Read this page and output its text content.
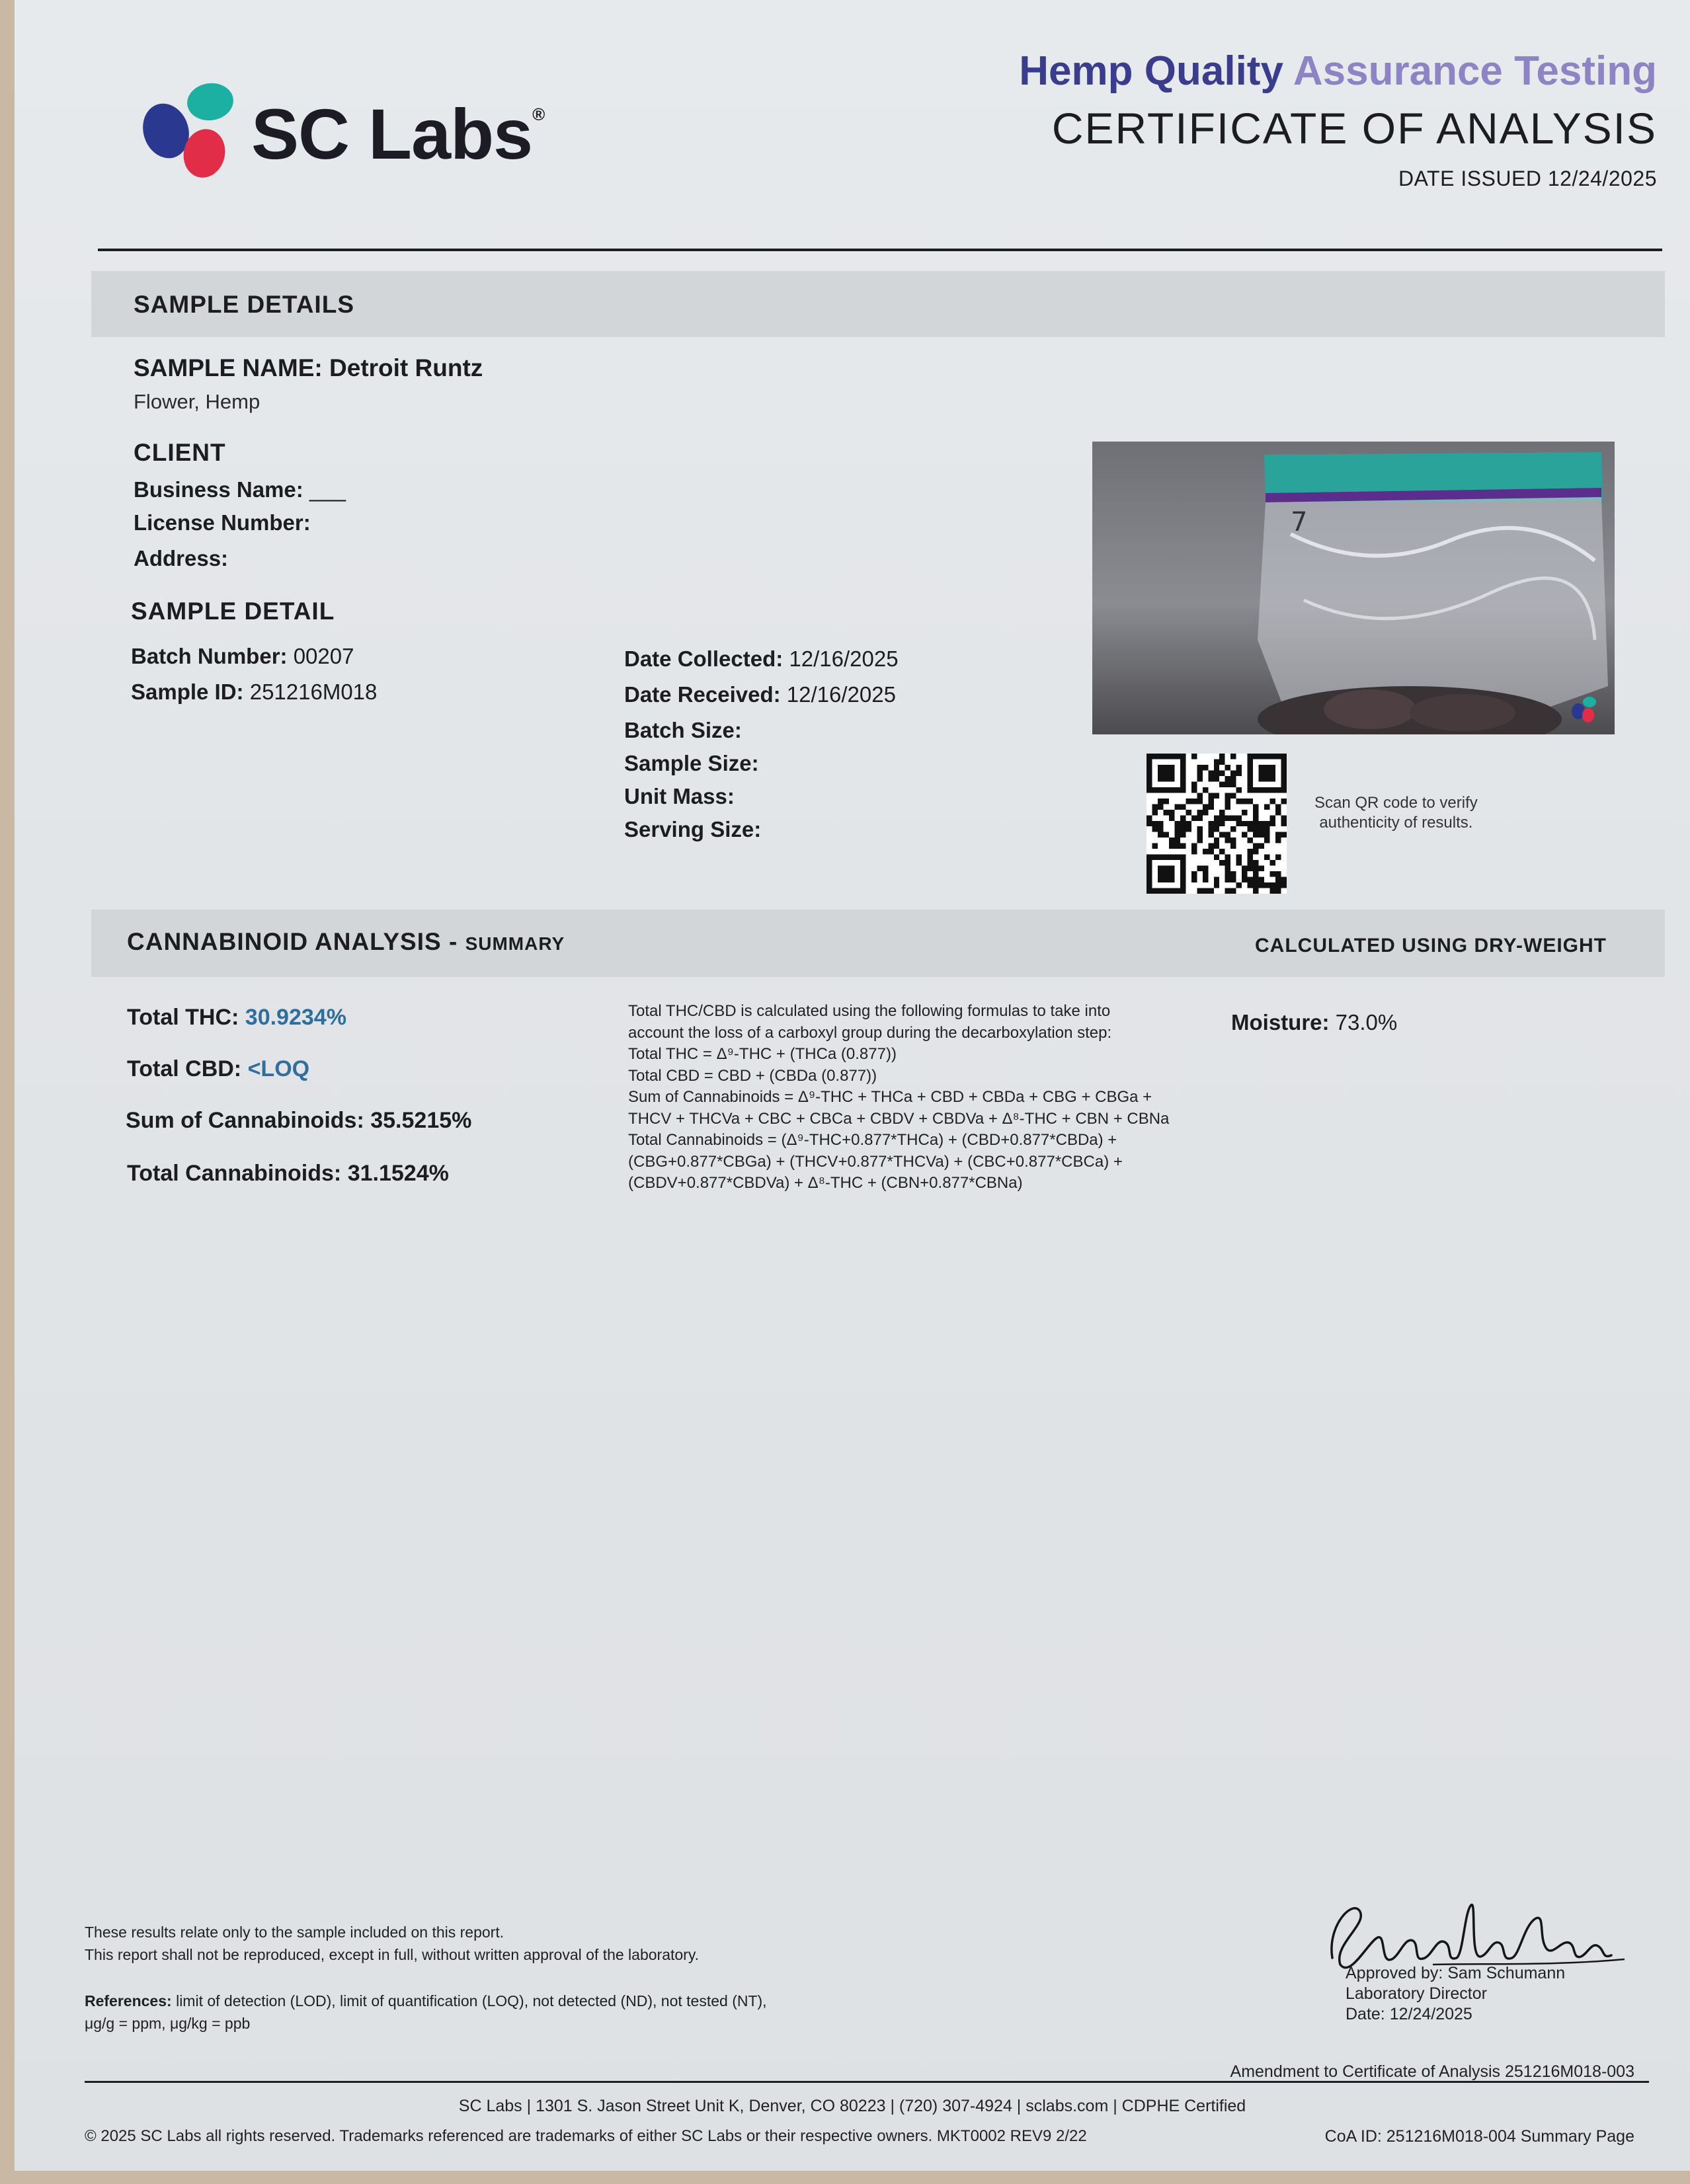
SC Labs®
Hemp Quality Assurance Testing
CERTIFICATE OF ANALYSIS
DATE ISSUED 12/24/2025
SAMPLE DETAILS
SAMPLE NAME: Detroit Runtz
Flower, Hemp
CLIENT
Business Name: ___
License Number:
Address:
SAMPLE DETAIL
Batch Number: 00207
Sample ID: 251216M018
Date Collected: 12/16/2025
Date Received: 12/16/2025
Batch Size:
Sample Size:
Unit Mass:
Serving Size:
7
Scan QR code to verify
authenticity of results.
CANNABINOID ANALYSIS - SUMMARY	CALCULATED USING DRY-WEIGHT
Total THC: 30.9234%
Total CBD: <LOQ
Sum of Cannabinoids: 35.5215%
Total Cannabinoids: 31.1524%
Total THC/CBD is calculated using the following formulas to take into
account the loss of a carboxyl group during the decarboxylation step:
Total THC = Δ⁹-THC + (THCa (0.877))
Total CBD = CBD + (CBDa (0.877))
Sum of Cannabinoids = Δ⁹-THC + THCa + CBD + CBDa + CBG + CBGa +
THCV + THCVa + CBC + CBCa + CBDV + CBDVa + Δ⁸-THC + CBN + CBNa
Total Cannabinoids = (Δ⁹-THC+0.877*THCa) + (CBD+0.877*CBDa) +
(CBG+0.877*CBGa) + (THCV+0.877*THCVa) + (CBC+0.877*CBCa) +
(CBDV+0.877*CBDVa) + Δ⁸-THC + (CBN+0.877*CBNa)
Moisture: 73.0%
These results relate only to the sample included on this report.
This report shall not be reproduced, except in full, without written approval of the laboratory.
References: limit of detection (LOD), limit of quantification (LOQ), not detected (ND), not tested (NT),
μg/g = ppm, μg/kg = ppb
Approved by: Sam Schumann
Laboratory Director
Date: 12/24/2025
Amendment to Certificate of Analysis 251216M018-003
SC Labs | 1301 S. Jason Street Unit K, Denver, CO 80223 | (720) 307-4924 | sclabs.com | CDPHE Certified
© 2025 SC Labs all rights reserved. Trademarks referenced are trademarks of either SC Labs or their respective owners. MKT0002 REV9 2/22	CoA ID: 251216M018-004 Summary Page
